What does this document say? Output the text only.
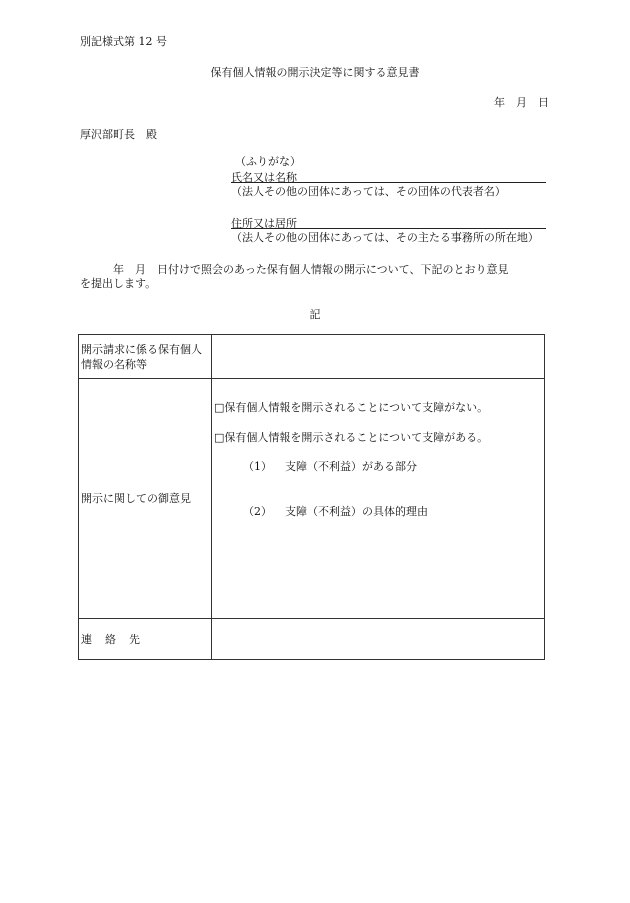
別記様式第 12 号
保有個人情報の開示決定等に関する意見書
年 月 日
厚沢部町長　殿
（ふりがな）
氏名又は名称
（法人その他の団体にあっては、その団体の代表者名）
住所又は居所
（法人その他の団体にあっては、その主たる事務所の所在地）
　　　年　月　日付けで照会のあった保有個人情報の開示について、下記のとおり意見
を提出します。
記
開示請求に係る保有個人
情報の名称等	

開示に関しての御意見	□保有個人情報を開示されることについて支障がない。
□保有個人情報を開示されることについて支障がある。
（1） 支障（不利益）がある部分
（2） 支障（不利益）の具体的理由

連絡先	
